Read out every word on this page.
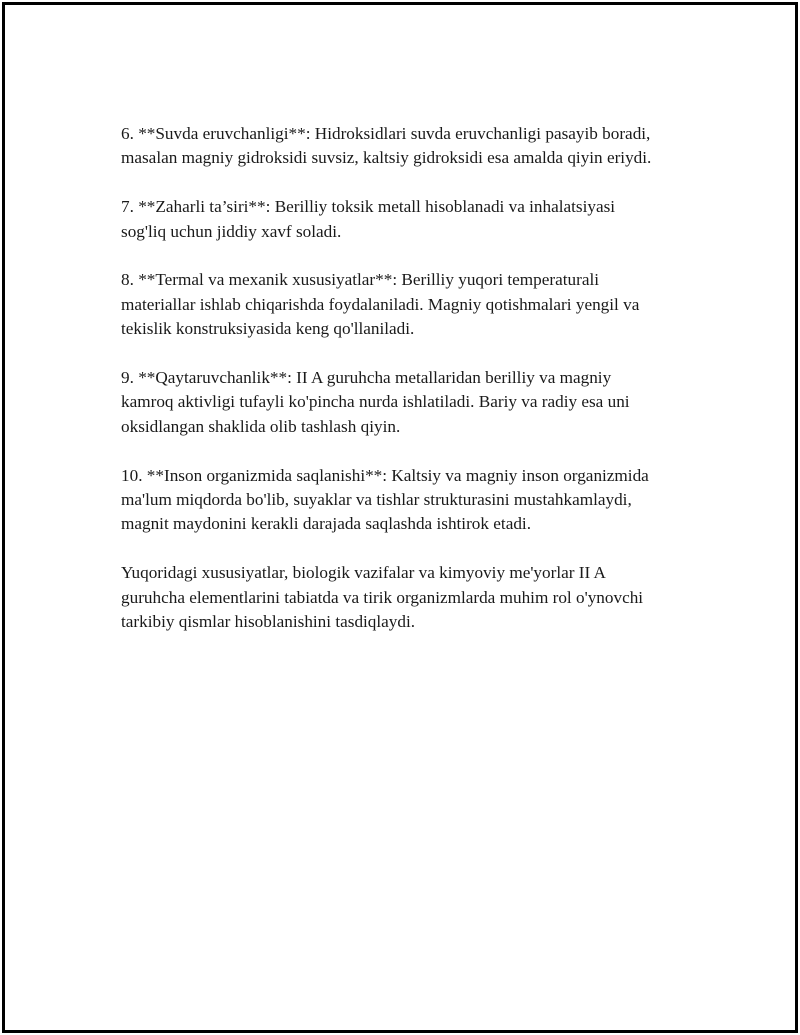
6. **Suvda eruvchanligi**: Hidroksidlari suvda eruvchanligi pasayib boradi,
masalan magniy gidroksidi suvsiz, kaltsiy gidroksidi esa amalda qiyin eriydi.

7. **Zaharli ta’siri**: Berilliy toksik metall hisoblanadi va inhalatsiyasi
sog'liq uchun jiddiy xavf soladi.

8. **Termal va mexanik xususiyatlar**: Berilliy yuqori temperaturali
materiallar ishlab chiqarishda foydalaniladi. Magniy qotishmalari yengil va
tekislik konstruksiyasida keng qo'llaniladi.

9. **Qaytaruvchanlik**: II A guruhcha metallaridan berilliy va magniy
kamroq aktivligi tufayli ko'pincha nurda ishlatiladi. Bariy va radiy esa uni
oksidlangan shaklida olib tashlash qiyin.

10. **Inson organizmida saqlanishi**: Kaltsiy va magniy inson organizmida
ma'lum miqdorda bo'lib, suyaklar va tishlar strukturasini mustahkamlaydi,
magnit maydonini kerakli darajada saqlashda ishtirok etadi.

Yuqoridagi xususiyatlar, biologik vazifalar va kimyoviy me'yorlar II A
guruhcha elementlarini tabiatda va tirik organizmlarda muhim rol o'ynovchi
tarkibiy qismlar hisoblanishini tasdiqlaydi.
